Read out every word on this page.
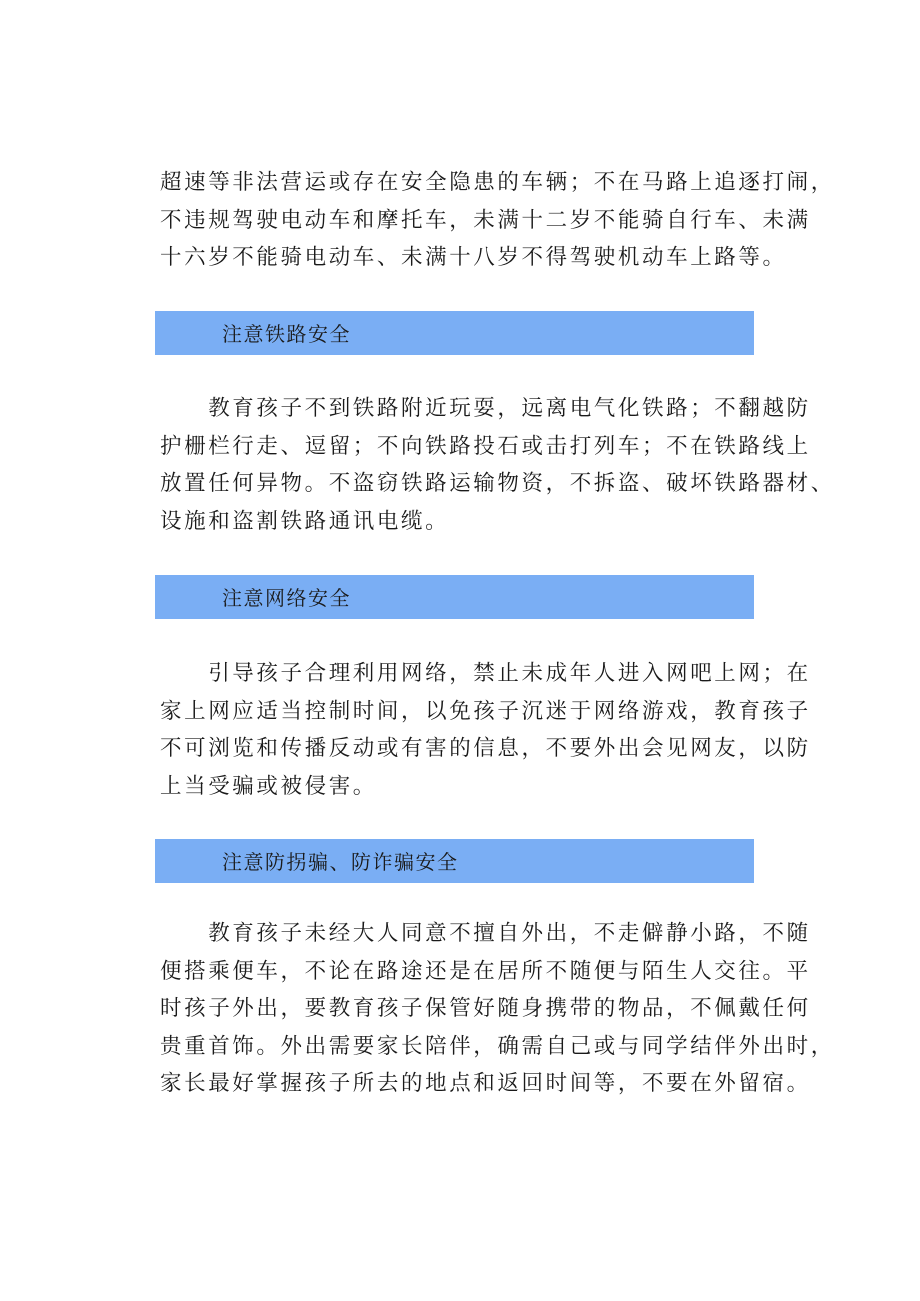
超速等非法营运或存在安全隐患的车辆；不在马路上追逐打闹，
不违规驾驶电动车和摩托车，未满十二岁不能骑自行车、未满
十六岁不能骑电动车、未满十八岁不得驾驶机动车上路等。

注意铁路安全

　　教育孩子不到铁路附近玩耍，远离电气化铁路；不翻越防
护栅栏行走、逗留；不向铁路投石或击打列车；不在铁路线上
放置任何异物。不盗窃铁路运输物资，不拆盗、破坏铁路器材、
设施和盗割铁路通讯电缆。

注意网络安全

　　引导孩子合理利用网络，禁止未成年人进入网吧上网；在
家上网应适当控制时间，以免孩子沉迷于网络游戏，教育孩子
不可浏览和传播反动或有害的信息，不要外出会见网友，以防
上当受骗或被侵害。

注意防拐骗、防诈骗安全

　　教育孩子未经大人同意不擅自外出，不走僻静小路，不随
便搭乘便车，不论在路途还是在居所不随便与陌生人交往。平
时孩子外出，要教育孩子保管好随身携带的物品，不佩戴任何
贵重首饰。外出需要家长陪伴，确需自己或与同学结伴外出时，
家长最好掌握孩子所去的地点和返回时间等，不要在外留宿。
